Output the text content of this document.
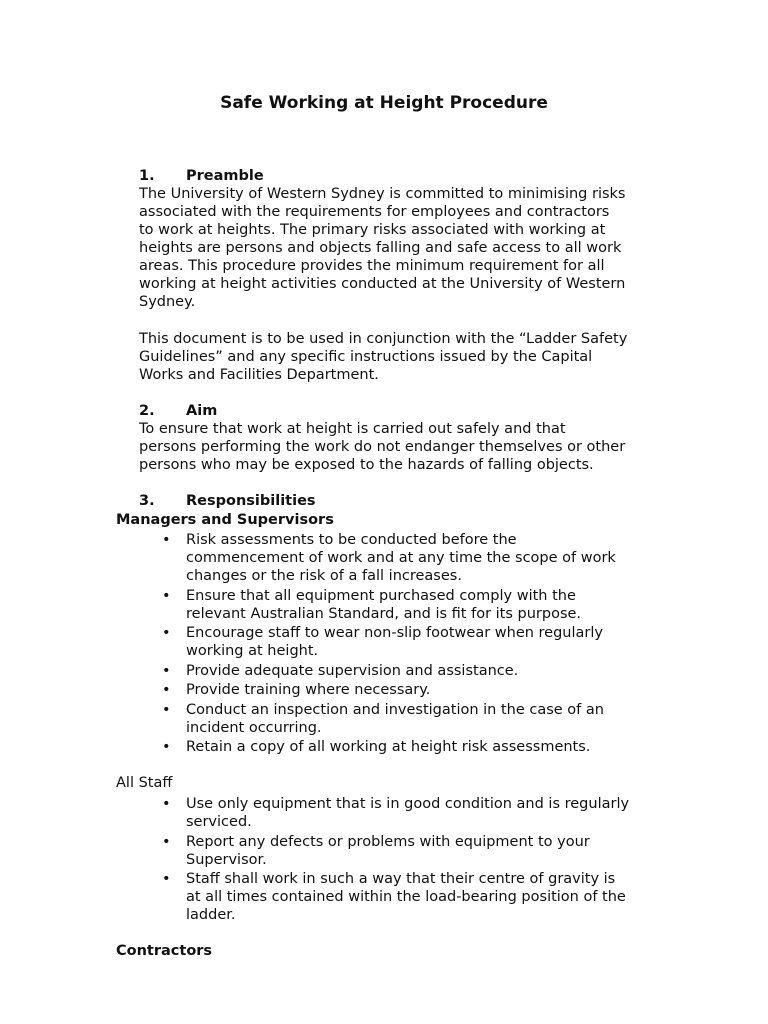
Safe Working at Height Procedure
1. Preamble
The University of Western Sydney is committed to minimising risks
associated with the requirements for employees and contractors
to work at heights. The primary risks associated with working at
heights are persons and objects falling and safe access to all work
areas. This procedure provides the minimum requirement for all
working at height activities conducted at the University of Western
Sydney.
This document is to be used in conjunction with the “Ladder Safety
Guidelines” and any specific instructions issued by the Capital
Works and Facilities Department.
2. Aim
To ensure that work at height is carried out safely and that
persons performing the work do not endanger themselves or other
persons who may be exposed to the hazards of falling objects.
3. Responsibilities
Managers and Supervisors
•	Risk assessments to be conducted before the
commencement of work and at any time the scope of work
changes or the risk of a fall increases.
•	Ensure that all equipment purchased comply with the
relevant Australian Standard, and is fit for its purpose.
•	Encourage staff to wear non-slip footwear when regularly
working at height.
•	Provide adequate supervision and assistance.
•	Provide training where necessary.
•	Conduct an inspection and investigation in the case of an
incident occurring.
•	Retain a copy of all working at height risk assessments.
All Staff
•	Use only equipment that is in good condition and is regularly
serviced.
•	Report any defects or problems with equipment to your
Supervisor.
•	Staff shall work in such a way that their centre of gravity is
at all times contained within the load-bearing position of the
ladder.
Contractors
